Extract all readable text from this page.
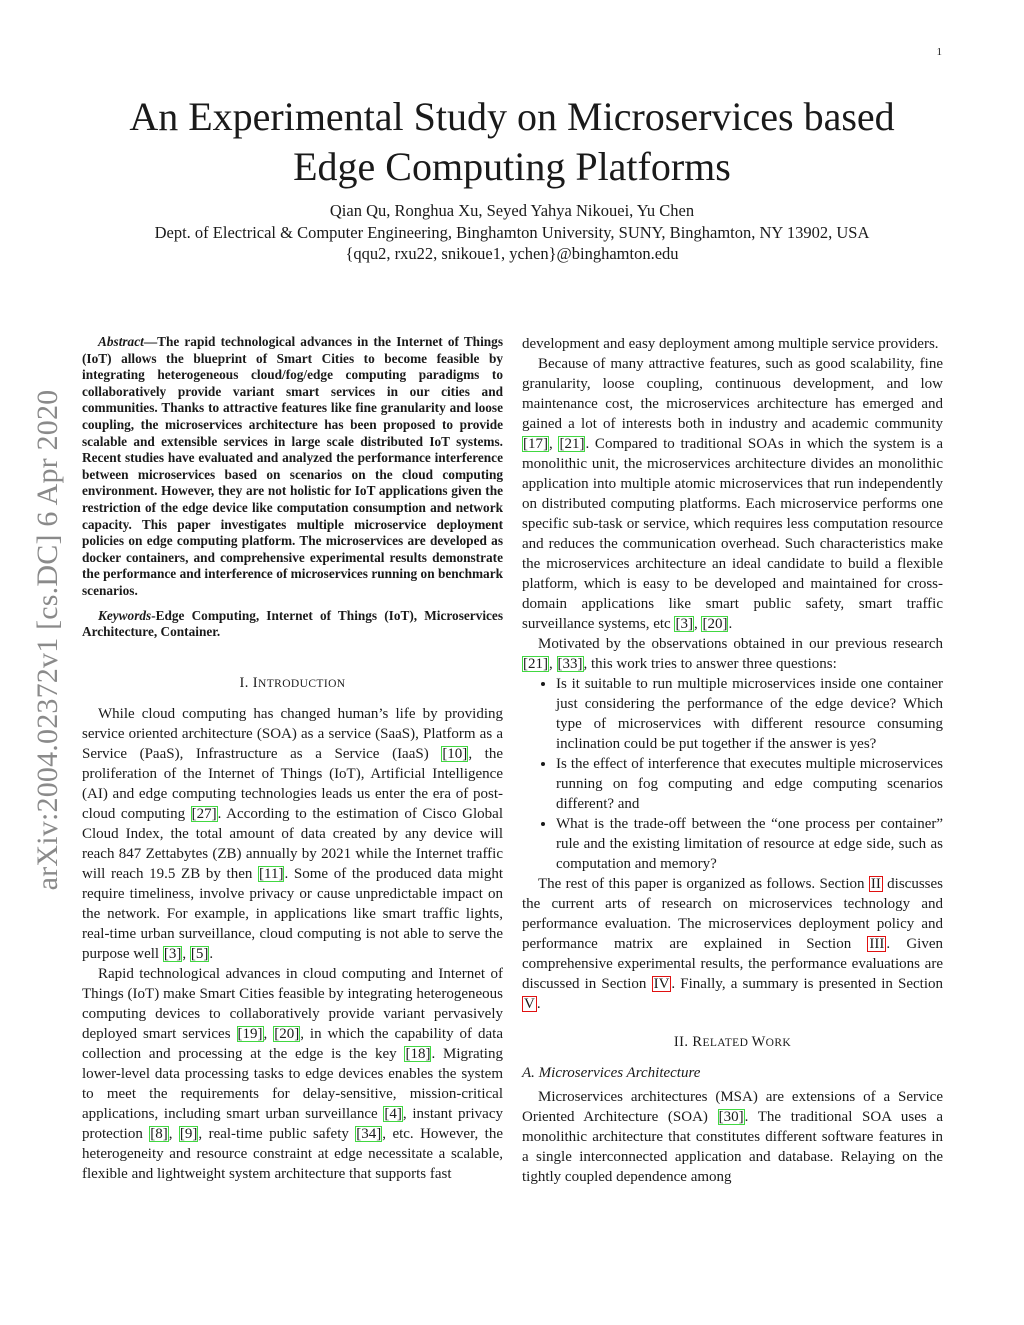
1
arXiv:2004.02372v1 [cs.DC] 6 Apr 2020
An Experimental Study on Microservices based
Edge Computing Platforms
Qian Qu, Ronghua Xu, Seyed Yahya Nikouei, Yu Chen
Dept. of Electrical & Computer Engineering, Binghamton University, SUNY, Binghamton, NY 13902, USA
{qqu2, rxu22, snikoue1, ychen}@binghamton.edu

Abstract—The rapid technological advances in the Internet of Things (IoT) allows the blueprint of Smart Cities to become feasible by integrating heterogeneous cloud/fog/edge computing paradigms to collaboratively provide variant smart services in our cities and communities. Thanks to attractive features like fine granularity and loose coupling, the microservices architecture has been proposed to provide scalable and extensible services in large scale distributed IoT systems. Recent studies have evaluated and analyzed the performance interference between microservices based on scenarios on the cloud computing environment. However, they are not holistic for IoT applications given the restriction of the edge device like computation consumption and network capacity. This paper investigates multiple microservice deployment policies on edge computing platform. The microservices are developed as docker containers, and comprehensive experimental results demonstrate the performance and interference of microservices running on benchmark scenarios.

Keywords-Edge Computing, Internet of Things (IoT), Microservices Architecture, Container.

I. INTRODUCTION

While cloud computing has changed human’s life by providing service oriented architecture (SOA) as a service (SaaS), Platform as a Service (PaaS), Infrastructure as a Service (IaaS) [10], the proliferation of the Internet of Things (IoT), Artificial Intelligence (AI) and edge computing technologies leads us enter the era of post-cloud computing [27]. According to the estimation of Cisco Global Cloud Index, the total amount of data created by any device will reach 847 Zettabytes (ZB) annually by 2021 while the Internet traffic will reach 19.5 ZB by then [11]. Some of the produced data might require timeliness, involve privacy or cause unpredictable impact on the network. For example, in applications like smart traffic lights, real-time urban surveillance, cloud computing is not able to serve the purpose well [3], [5].

Rapid technological advances in cloud computing and Internet of Things (IoT) make Smart Cities feasible by integrating heterogeneous computing devices to collaboratively provide variant pervasively deployed smart services [19], [20], in which the capability of data collection and processing at the edge is the key [18]. Migrating lower-level data processing tasks to edge devices enables the system to meet the requirements for delay-sensitive, mission-critical applications, including smart urban surveillance [4], instant privacy protection [8], [9], real-time public safety [34], etc. However, the heterogeneity and resource constraint at edge necessitate a scalable, flexible and lightweight system architecture that supports fast

development and easy deployment among multiple service providers.

Because of many attractive features, such as good scalability, fine granularity, loose coupling, continuous development, and low maintenance cost, the microservices architecture has emerged and gained a lot of interests both in industry and academic community [17], [21]. Compared to traditional SOAs in which the system is a monolithic unit, the microservices architecture divides an monolithic application into multiple atomic microservices that run independently on distributed computing platforms. Each microservice performs one specific sub-task or service, which requires less computation resource and reduces the communication overhead. Such characteristics make the microservices architecture an ideal candidate to build a flexible platform, which is easy to be developed and maintained for cross-domain applications like smart public safety, smart traffic surveillance systems, etc [3], [20].

Motivated by the observations obtained in our previous research [21], [33], this work tries to answer three questions:

• Is it suitable to run multiple microservices inside one container just considering the performance of the edge device? Which type of microservices with different resource consuming inclination could be put together if the answer is yes?
• Is the effect of interference that executes multiple microservices running on fog computing and edge computing scenarios different? and
• What is the trade-off between the “one process per container” rule and the existing limitation of resource at edge side, such as computation and memory?

The rest of this paper is organized as follows. Section II discusses the current arts of research on microservices technology and performance evaluation. The microservices deployment policy and performance matrix are explained in Section III . Given comprehensive experimental results, the performance evaluations are discussed in Section IV . Finally, a summary is presented in Section V .

II. RELATED WORK
A. Microservices Architecture

Microservices architectures (MSA) are extensions of a Service Oriented Architecture (SOA) [30]. The traditional SOA uses a monolithic architecture that constitutes different software features in a single interconnected application and database. Relaying on the tightly coupled dependence among
